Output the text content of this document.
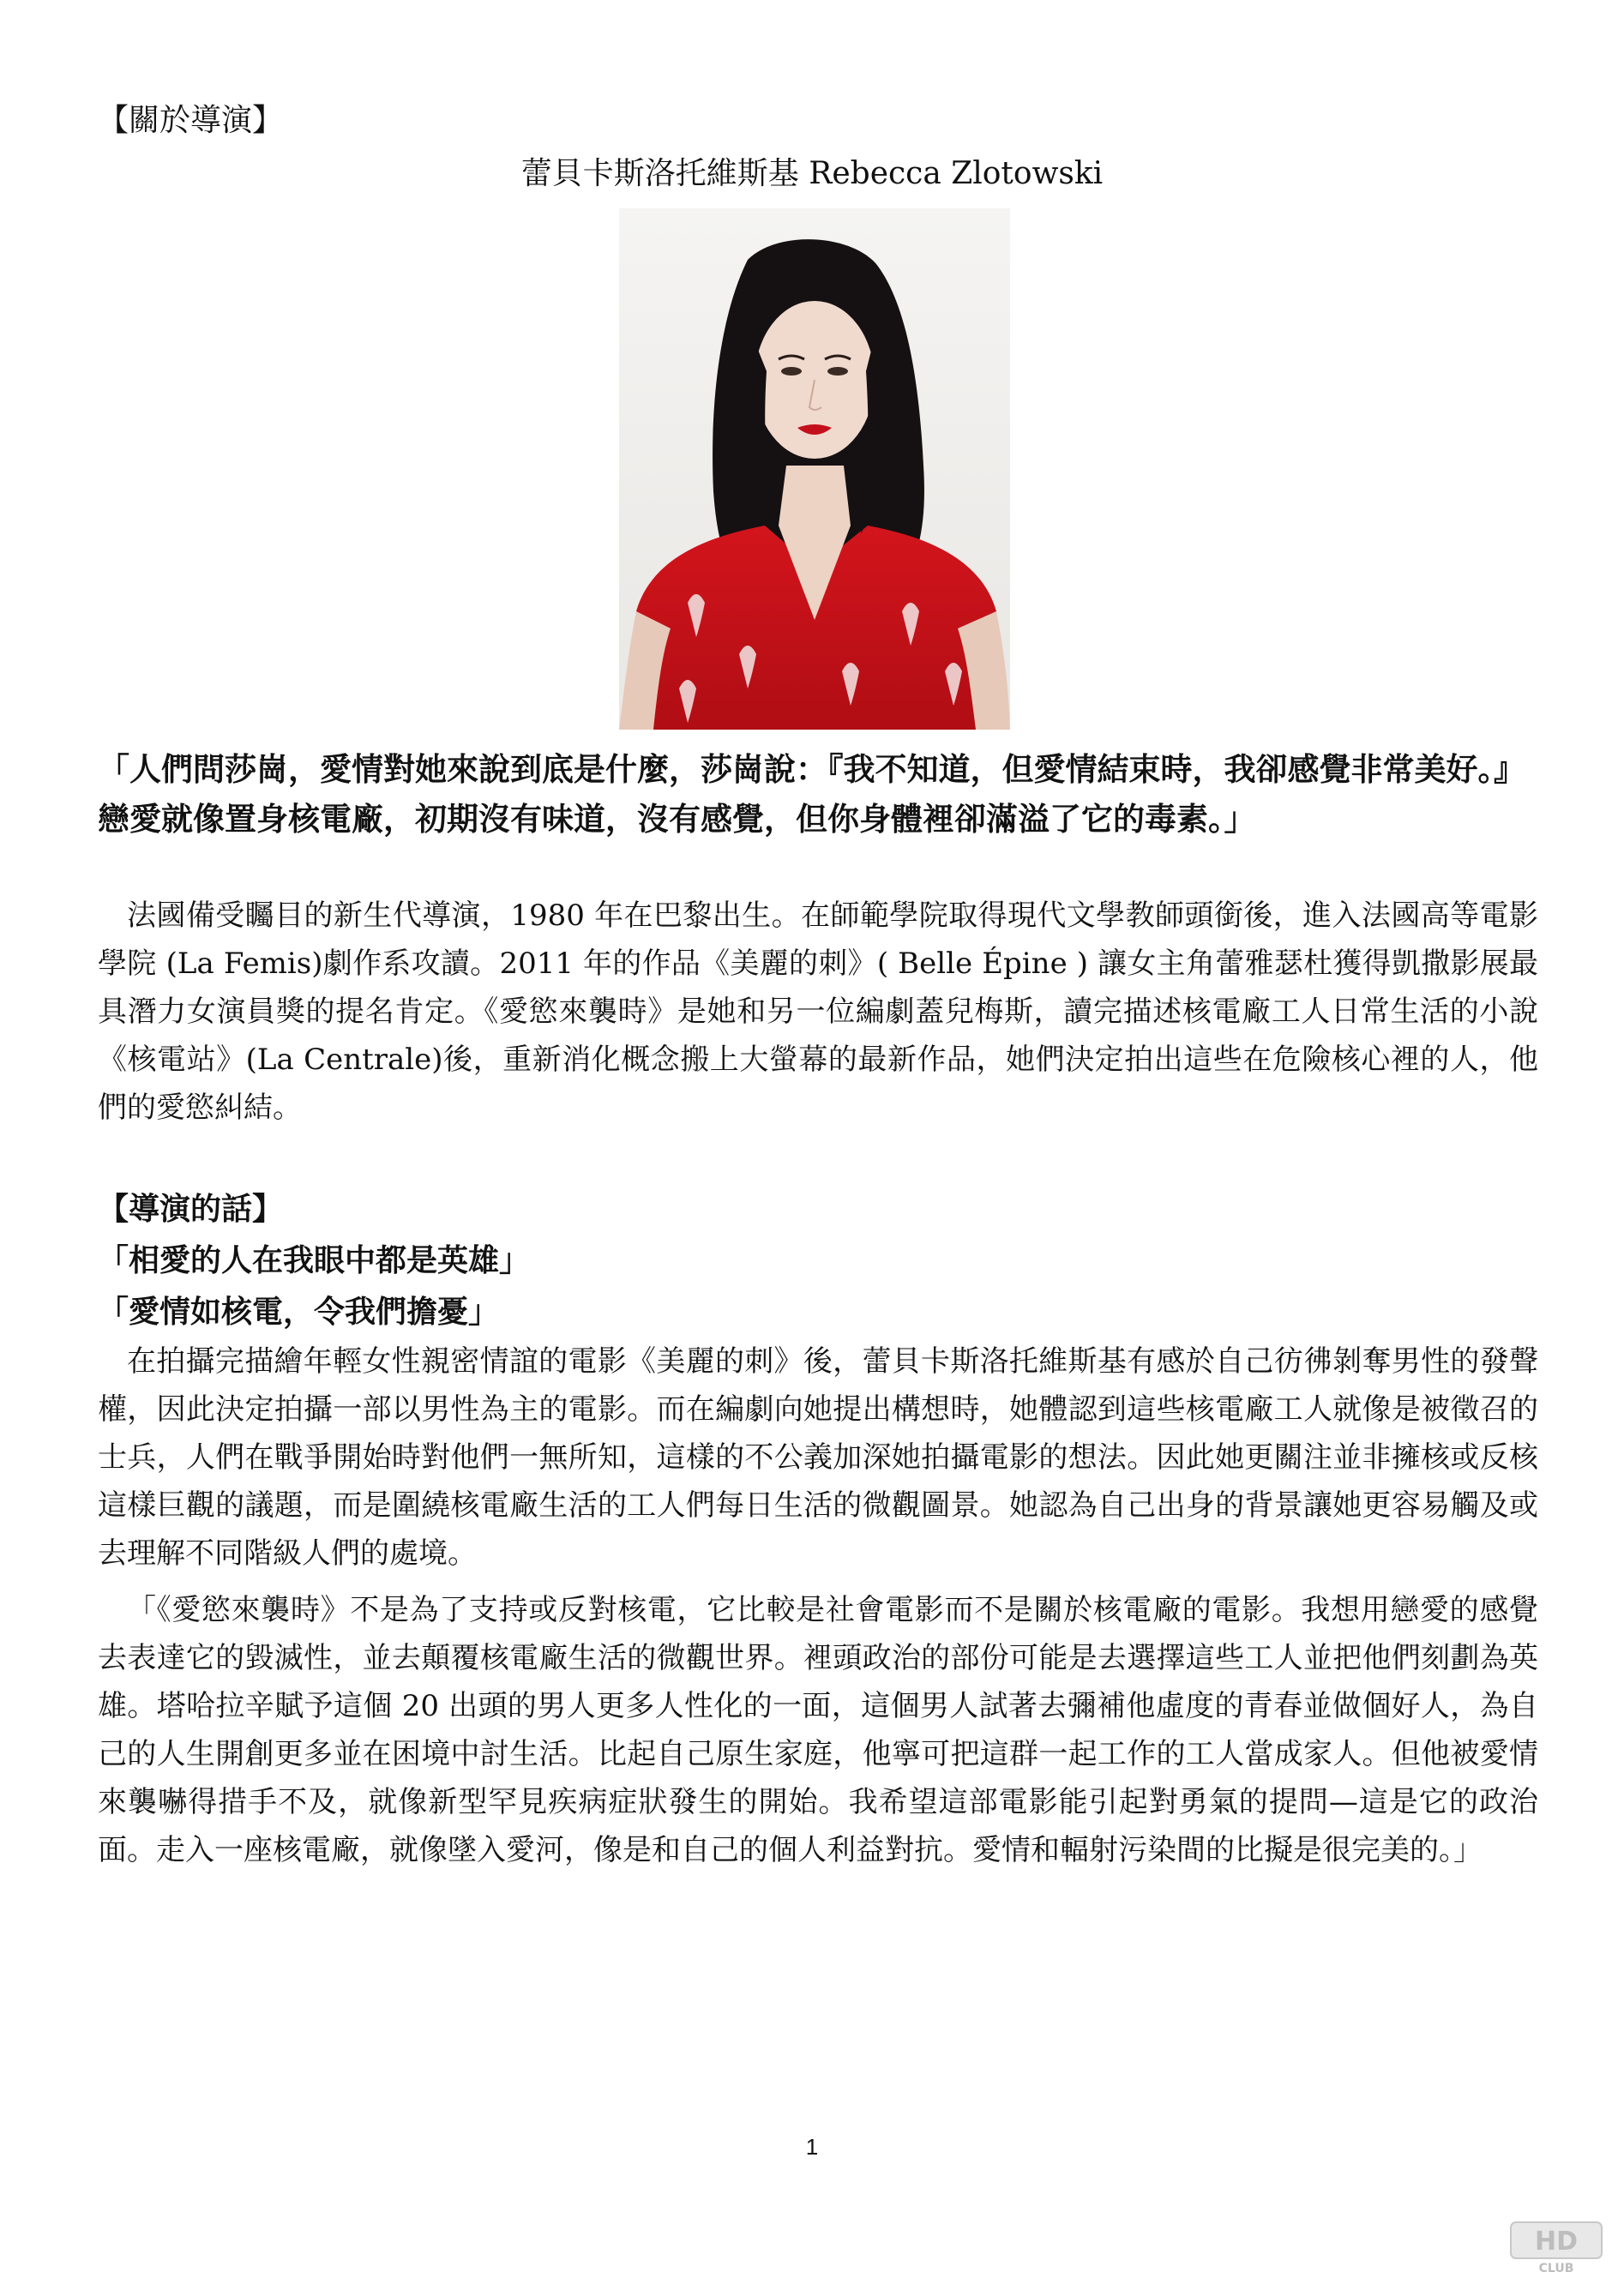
【關於導演】

蕾貝卡斯洛托維斯基 Rebecca Zlotowski

「人們問莎崗，愛情對她來說到底是什麼，莎崗說：『我不知道，但愛情結束時，我卻感覺非常美好。』
戀愛就像置身核電廠，初期沒有味道，沒有感覺，但你身體裡卻滿溢了它的毒素。」

法國備受矚目的新生代導演，1980 年在巴黎出生。在師範學院取得現代文學教師頭銜後，進入法國高等電影學院 (La Femis)劇作系攻讀。2011 年的作品《美麗的刺》( Belle Épine ) 讓女主角蕾雅瑟杜獲得凱撒影展最具潛力女演員獎的提名肯定。《愛慾來襲時》是她和另一位編劇蓋兒梅斯，讀完描述核電廠工人日常生活的小說《核電站》(La Centrale)後，重新消化概念搬上大螢幕的最新作品，她們決定拍出這些在危險核心裡的人，他們的愛慾糾結。

【導演的話】

「相愛的人在我眼中都是英雄」

「愛情如核電，令我們擔憂」

在拍攝完描繪年輕女性親密情誼的電影《美麗的刺》後，蕾貝卡斯洛托維斯基有感於自己彷彿剝奪男性的發聲權，因此決定拍攝一部以男性為主的電影。而在編劇向她提出構想時，她體認到這些核電廠工人就像是被徵召的士兵，人們在戰爭開始時對他們一無所知，這樣的不公義加深她拍攝電影的想法。因此她更關注並非擁核或反核這樣巨觀的議題，而是圍繞核電廠生活的工人們每日生活的微觀圖景。她認為自己出身的背景讓她更容易觸及或去理解不同階級人們的處境。

「《愛慾來襲時》不是為了支持或反對核電，它比較是社會電影而不是關於核電廠的電影。我想用戀愛的感覺去表達它的毀滅性，並去顛覆核電廠生活的微觀世界。裡頭政治的部份可能是去選擇這些工人並把他們刻劃為英雄。塔哈拉辛賦予這個 20 出頭的男人更多人性化的一面，這個男人試著去彌補他虛度的青春並做個好人，為自己的人生開創更多並在困境中討生活。比起自己原生家庭，他寧可把這群一起工作的工人當成家人。但他被愛情來襲嚇得措手不及，就像新型罕見疾病症狀發生的開始。我希望這部電影能引起對勇氣的提問—這是它的政治面。走入一座核電廠，就像墜入愛河，像是和自己的個人利益對抗。愛情和輻射污染間的比擬是很完美的。」

1

HD
CLUB
